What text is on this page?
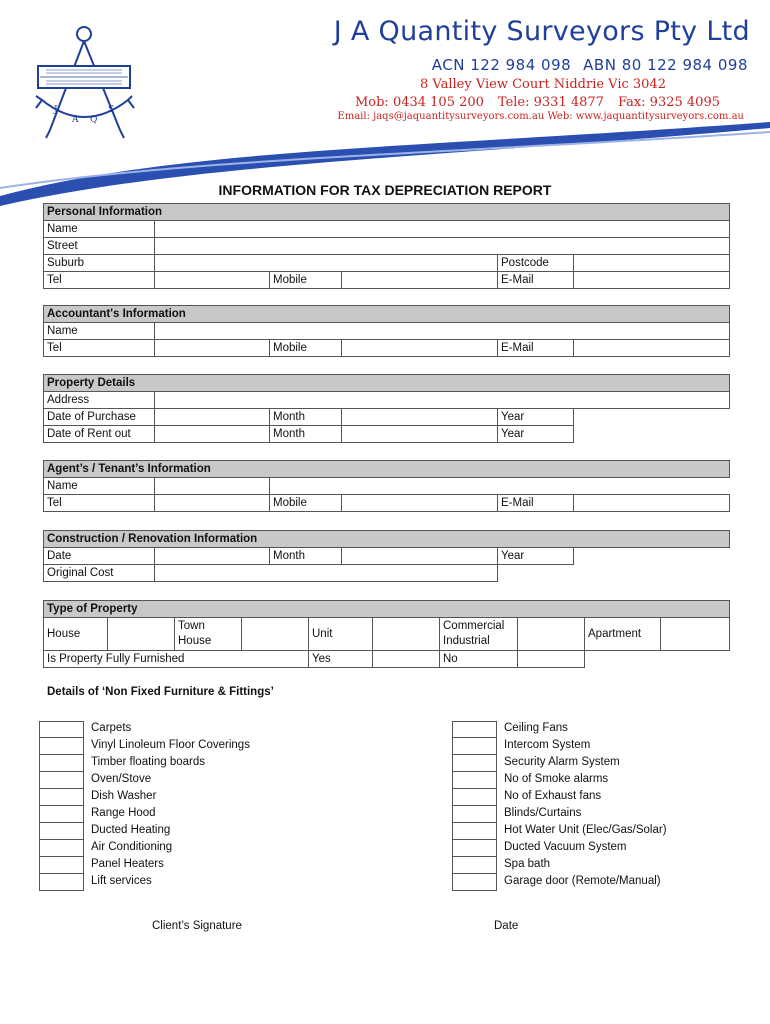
J
A Q
S
J A Quantity Surveyors Pty Ltd
ACN 122 984 098 ABN 80 122 984 098
8 Valley View Court Niddrie Vic 3042
Mob: 0434 105 200 Tele: 9331 4877 Fax: 9325 4095
Email: jaqs@jaquantitysurveyors.com.au Web: www.jaquantitysurveyors.com.au
INFORMATION FOR TAX DEPRECIATION REPORT
Personal Information					
Name					
Street					
Suburb				Postcode	
Tel		Mobile		E-Mail	
Accountant's Information					
Name					
Tel		Mobile		E-Mail	
Property Details					
Address					
Date of Purchase		Month		Year	
Date of Rent out		Month		Year	
Agent’s / Tenant’s Information					
Name					
Tel		Mobile		E-Mail	
Construction / Renovation Information					
Date		Month		Year	
Original Cost					
Type of Property									
House		Town House		Unit		Commercial Industrial		Apartment	
Is Property Fully Furnished				Yes		No			
Details of ‘Non Fixed Furniture & Fittings’
Carpets
Vinyl Linoleum Floor Coverings
Timber floating boards
Oven/Stove
Dish Washer
Range Hood
Ducted Heating
Air Conditioning
Panel Heaters
Lift services
Ceiling Fans
Intercom System
Security Alarm System
No of Smoke alarms
No of Exhaust fans
Blinds/Curtains
Hot Water Unit (Elec/Gas/Solar)
Ducted Vacuum System
Spa bath
Garage door (Remote/Manual)
Client’s Signature	Date
